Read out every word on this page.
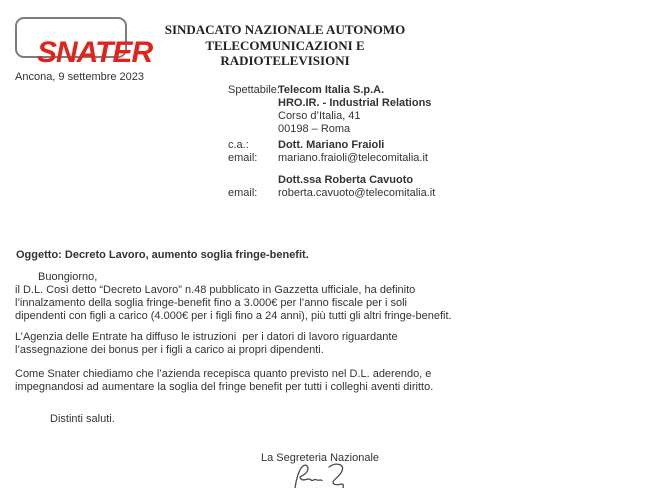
SNATER
SINDACATO NAZIONALE AUTONOMO
TELECOMUNICAZIONI E
RADIOTELEVISIONI
Ancona, 9 settembre 2023
Spettabile:
Telecom Italia S.p.A.

HRO.IR. - Industrial Relations

Corso d’Italia, 41

00198 – Roma
c.a.:	Dott. Mariano Fraioli
email:	mariano.fraioli@telecomitalia.it

Dott.ssa Roberta Cavuoto
email:	roberta.cavuoto@telecomitalia.it
Oggetto: Decreto Lavoro, aumento soglia fringe-benefit.
Buongiorno,
il D.L. Così detto “Decreto Lavoro” n.48 pubblicato in Gazzetta ufficiale, ha definito
l’innalzamento della soglia fringe-benefit fino a 3.000€ per l’anno fiscale per i soli
dipendenti con figli a carico (4.000€ per i figli fino a 24 anni), più tutti gli altri fringe-benefit.
L’Agenzia delle Entrate ha diffuso le istruzioni  per i datori di lavoro riguardante
l’assegnazione dei bonus per i figli a carico ai propri dipendenti.
Come Snater chiediamo che l’azienda recepisca quanto previsto nel D.L. aderendo, e
impegnandosi ad aumentare la soglia del fringe benefit per tutti i colleghi aventi diritto.
Distinti saluti.
La Segreteria Nazionale
